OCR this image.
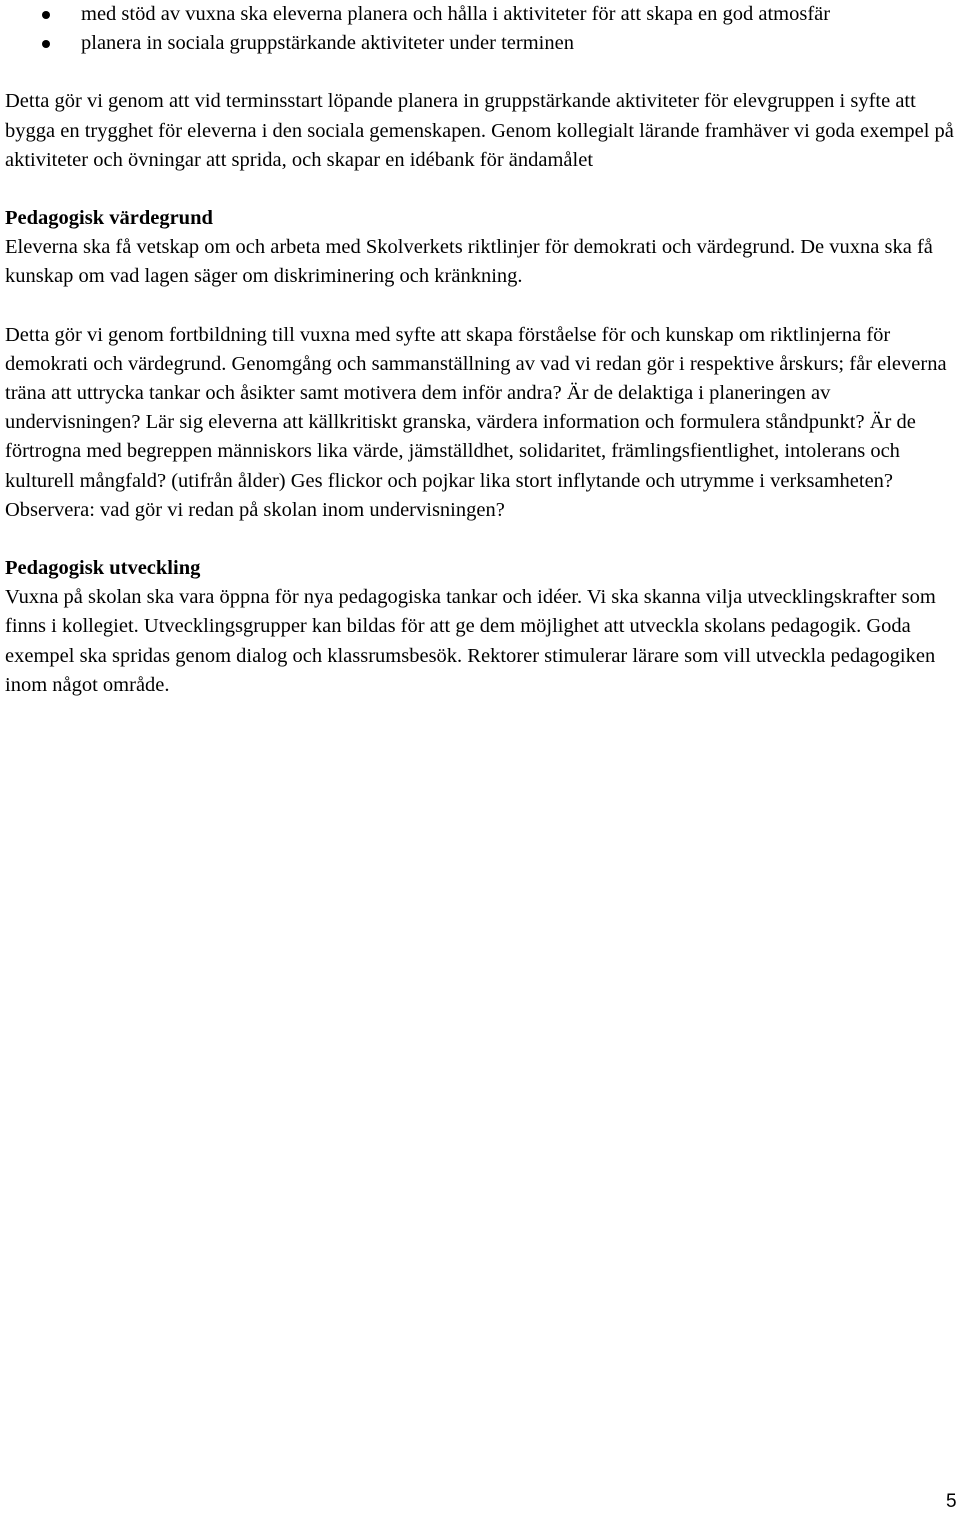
med stöd av vuxna ska eleverna planera och hålla i aktiviteter för att skapa en god atmosfär
planera in sociala gruppstärkande aktiviteter under terminen

Detta gör vi genom att vid terminsstart löpande planera in gruppstärkande aktiviteter för elevgruppen i syfte att bygga en trygghet för eleverna i den sociala gemenskapen. Genom kollegialt lärande framhäver vi goda exempel på aktiviteter och övningar att sprida, och skapar en idébank för ändamålet

Pedagogisk värdegrund

Eleverna ska få vetskap om och arbeta med Skolverkets riktlinjer för demokrati och värdegrund. De vuxna ska få kunskap om vad lagen säger om diskriminering och kränkning.

Detta gör vi genom fortbildning till vuxna med syfte att skapa förståelse för och kunskap om riktlinjerna för demokrati och värdegrund. Genomgång och sammanställning av vad vi redan gör i respektive årskurs; får eleverna träna att uttrycka tankar och åsikter samt motivera dem inför andra? Är de delaktiga i planeringen av undervisningen? Lär sig eleverna att källkritiskt granska, värdera information och formulera ståndpunkt? Är de förtrogna med begreppen människors lika värde, jämställdhet, solidaritet, främlingsfientlighet, intolerans och kulturell mångfald? (utifrån ålder) Ges flickor och pojkar lika stort inflytande och utrymme i verksamheten? Observera: vad gör vi redan på skolan inom undervisningen?

Pedagogisk utveckling

Vuxna på skolan ska vara öppna för nya pedagogiska tankar och idéer. Vi ska skanna vilja utvecklingskrafter som finns i kollegiet. Utvecklingsgrupper kan bildas för att ge dem möjlighet att utveckla skolans pedagogik. Goda exempel ska spridas genom dialog och klassrumsbesök. Rektorer stimulerar lärare som vill utveckla pedagogiken inom något område.

5
